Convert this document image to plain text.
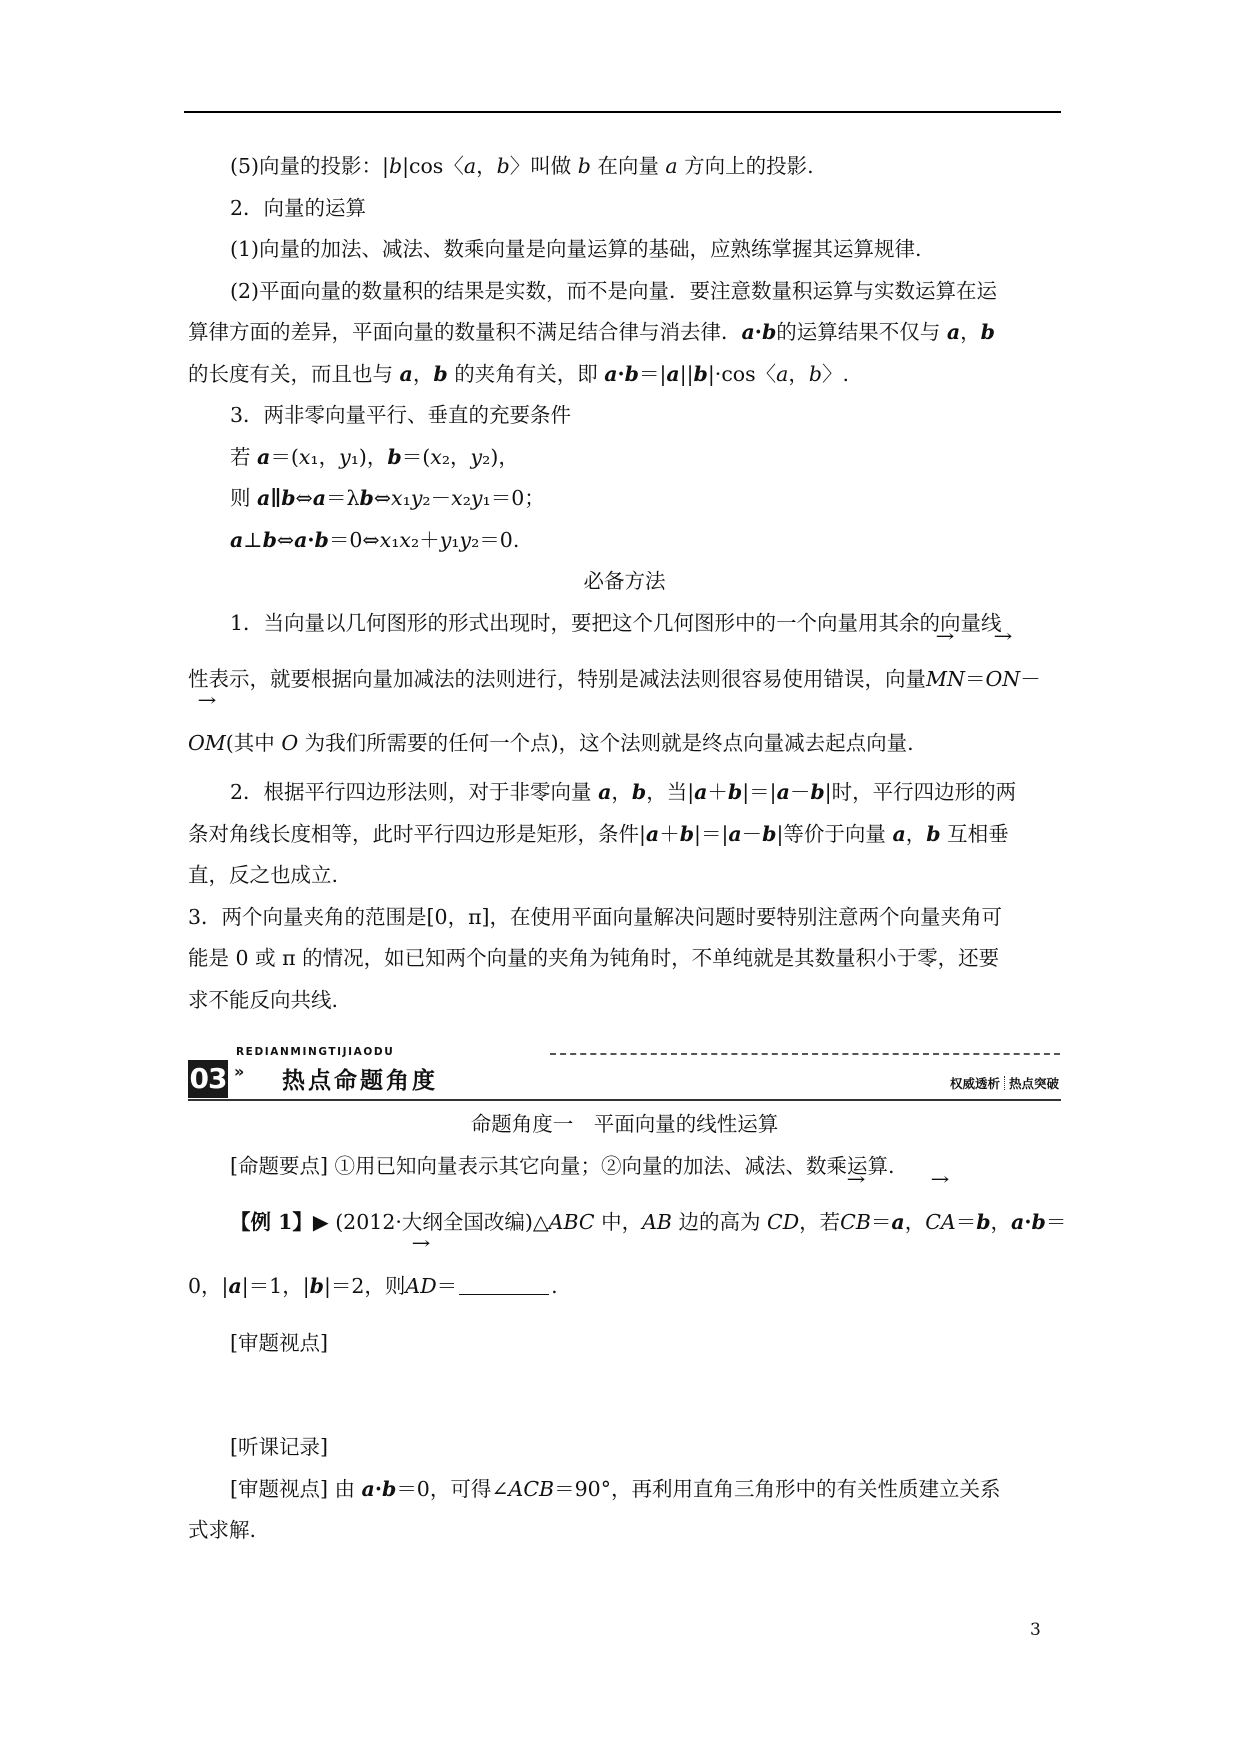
(5)向量的投影：|b|cos〈a，b〉叫做 b 在向量 a 方向上的投影.

2．向量的运算

(1)向量的加法、减法、数乘向量是向量运算的基础，应熟练掌握其运算规律.

(2)平面向量的数量积的结果是实数，而不是向量．要注意数量积运算与实数运算在运

算律方面的差异，平面向量的数量积不满足结合律与消去律．a·b的运算结果不仅与 a，b

的长度有关，而且也与 a，b 的夹角有关，即 a·b＝|a||b|·cos〈a，b〉.

3．两非零向量平行、垂直的充要条件

若 a＝(x₁，y₁)，b＝(x₂，y₂)，

则 a∥b⇔a＝λb⇔x₁y₂－x₂y₁＝0；

a⊥b⇔a·b＝0⇔x₁x₂＋y₁y₂＝0.

必备方法

1．当向量以几何图形的形式出现时，要把这个几何图形中的一个向量用其余的向量线

性表示，就要根据向量加减法的法则进行，特别是减法法则很容易使用错误，向量→ MN＝→ ON－

→ OM(其中 O 为我们所需要的任何一个点)，这个法则就是终点向量减去起点向量.

2．根据平行四边形法则，对于非零向量 a，b，当|a＋b|＝|a－b|时，平行四边形的两

条对角线长度相等，此时平行四边形是矩形，条件|a＋b|＝|a－b|等价于向量 a，b 互相垂

直，反之也成立.

3．两个向量夹角的范围是[0，π]，在使用平面向量解决问题时要特别注意两个向量夹角可

能是 0 或 π 的情况，如已知两个向量的夹角为钝角时，不单纯就是其数量积小于零，还要

求不能反向共线.

REDIANMINGTIJIAODU
03 » 热点命题角度	权威透析 热点突破

命题角度一　平面向量的线性运算

[命题要点] ①用已知向量表示其它向量；②向量的加法、减法、数乘运算.

【例 1】▶ (2012·大纲全国改编)△ABC 中，AB 边的高为 CD，若→ CB＝a，→ CA＝b，a·b＝

0，|a|＝1，|b|＝2，则→ AD＝	.

[审题视点]

[听课记录]

[审题视点] 由 a·b＝0，可得∠ACB＝90°，再利用直角三角形中的有关性质建立关系

式求解.

3
